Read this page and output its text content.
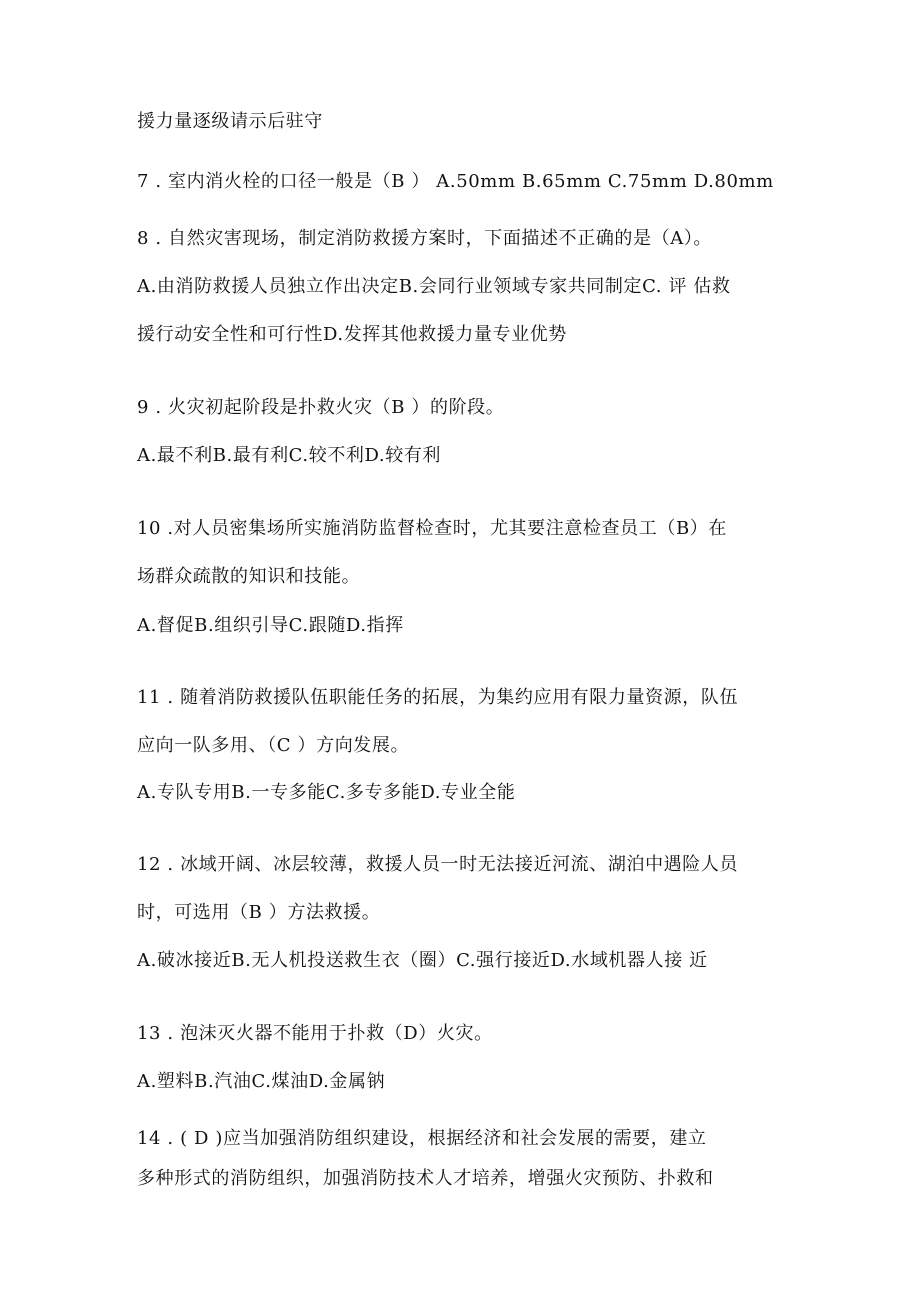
援力量逐级请示后驻守
7 . 室内消火栓的口径一般是（B ） A.50mm B.65mm C.75mm D.80mm
8 . 自然灾害现场，制定消防救援方案时，下面描述不正确的是（A）。
A.由消防救援人员独立作出决定B.会同行业领域专家共同制定C. 评 估救
援行动安全性和可行性D.发挥其他救援力量专业优势
9 . 火灾初起阶段是扑救火灾（B ）的阶段。
A.最不利B.最有利C.较不利D.较有利
10 .对人员密集场所实施消防监督检查时，尤其要注意检查员工（B）在
场群众疏散的知识和技能。
A.督促B.组织引导C.跟随D.指挥
11 . 随着消防救援队伍职能任务的拓展，为集约应用有限力量资源，队伍
应向一队多用、（C ）方向发展。
A.专队专用B.一专多能C.多专多能D.专业全能
12 . 冰域开阔、冰层较薄，救援人员一时无法接近河流、湖泊中遇险人员
时，可选用（B ）方法救援。
A.破冰接近B.无人机投送救生衣（圈）C.强行接近D.水域机器人接 近
13 . 泡沫灭火器不能用于扑救（D）火灾。
A.塑料B.汽油C.煤油D.金属钠
14 . ( D )应当加强消防组织建设，根据经济和社会发展的需要，建立
多种形式的消防组织，加强消防技术人才培养，增强火灾预防、扑救和
